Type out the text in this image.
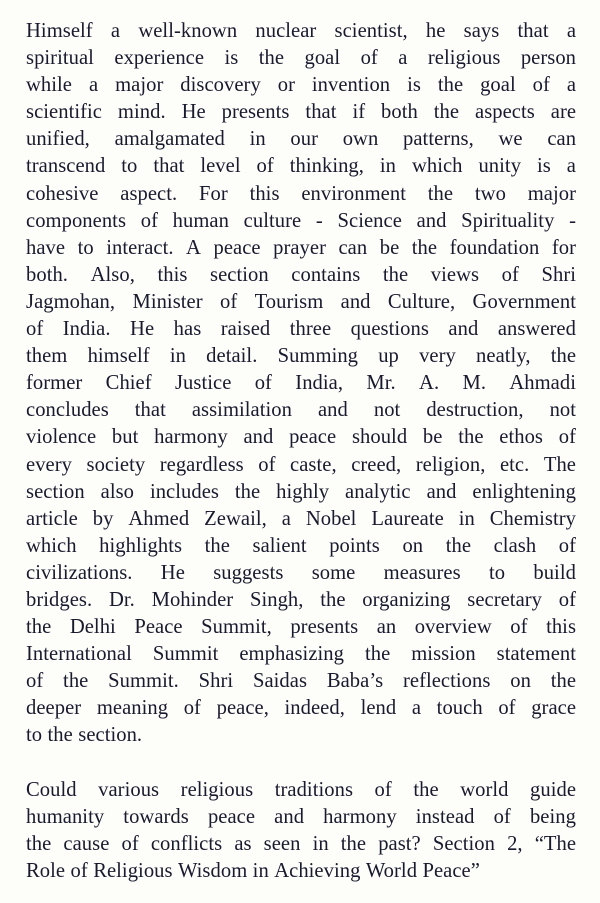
Himself a well-known nuclear scientist, he says that a
spiritual experience is the goal of a religious person
while a major discovery or invention is the goal of a
scientific mind. He presents that if both the aspects are
unified, amalgamated in our own patterns, we can
transcend to that level of thinking, in which unity is a
cohesive aspect. For this environment the two major
components of human culture - Science and Spirituality -
have to interact. A peace prayer can be the foundation for
both. Also, this section contains the views of Shri
Jagmohan, Minister of Tourism and Culture, Government
of India. He has raised three questions and answered
them himself in detail. Summing up very neatly, the
former Chief Justice of India, Mr. A. M. Ahmadi
concludes that assimilation and not destruction, not
violence but harmony and peace should be the ethos of
every society regardless of caste, creed, religion, etc. The
section also includes the highly analytic and enlightening
article by Ahmed Zewail, a Nobel Laureate in Chemistry
which highlights the salient points on the clash of
civilizations. He suggests some measures to build
bridges. Dr. Mohinder Singh, the organizing secretary of
the Delhi Peace Summit, presents an overview of this
International Summit emphasizing the mission statement
of the Summit. Shri Saidas Baba’s reflections on the
deeper meaning of peace, indeed, lend a touch of grace
to the section.

Could various religious traditions of the world guide
humanity towards peace and harmony instead of being
the cause of conflicts as seen in the past? Section 2, “The
Role of Religious Wisdom in Achieving World Peace”
